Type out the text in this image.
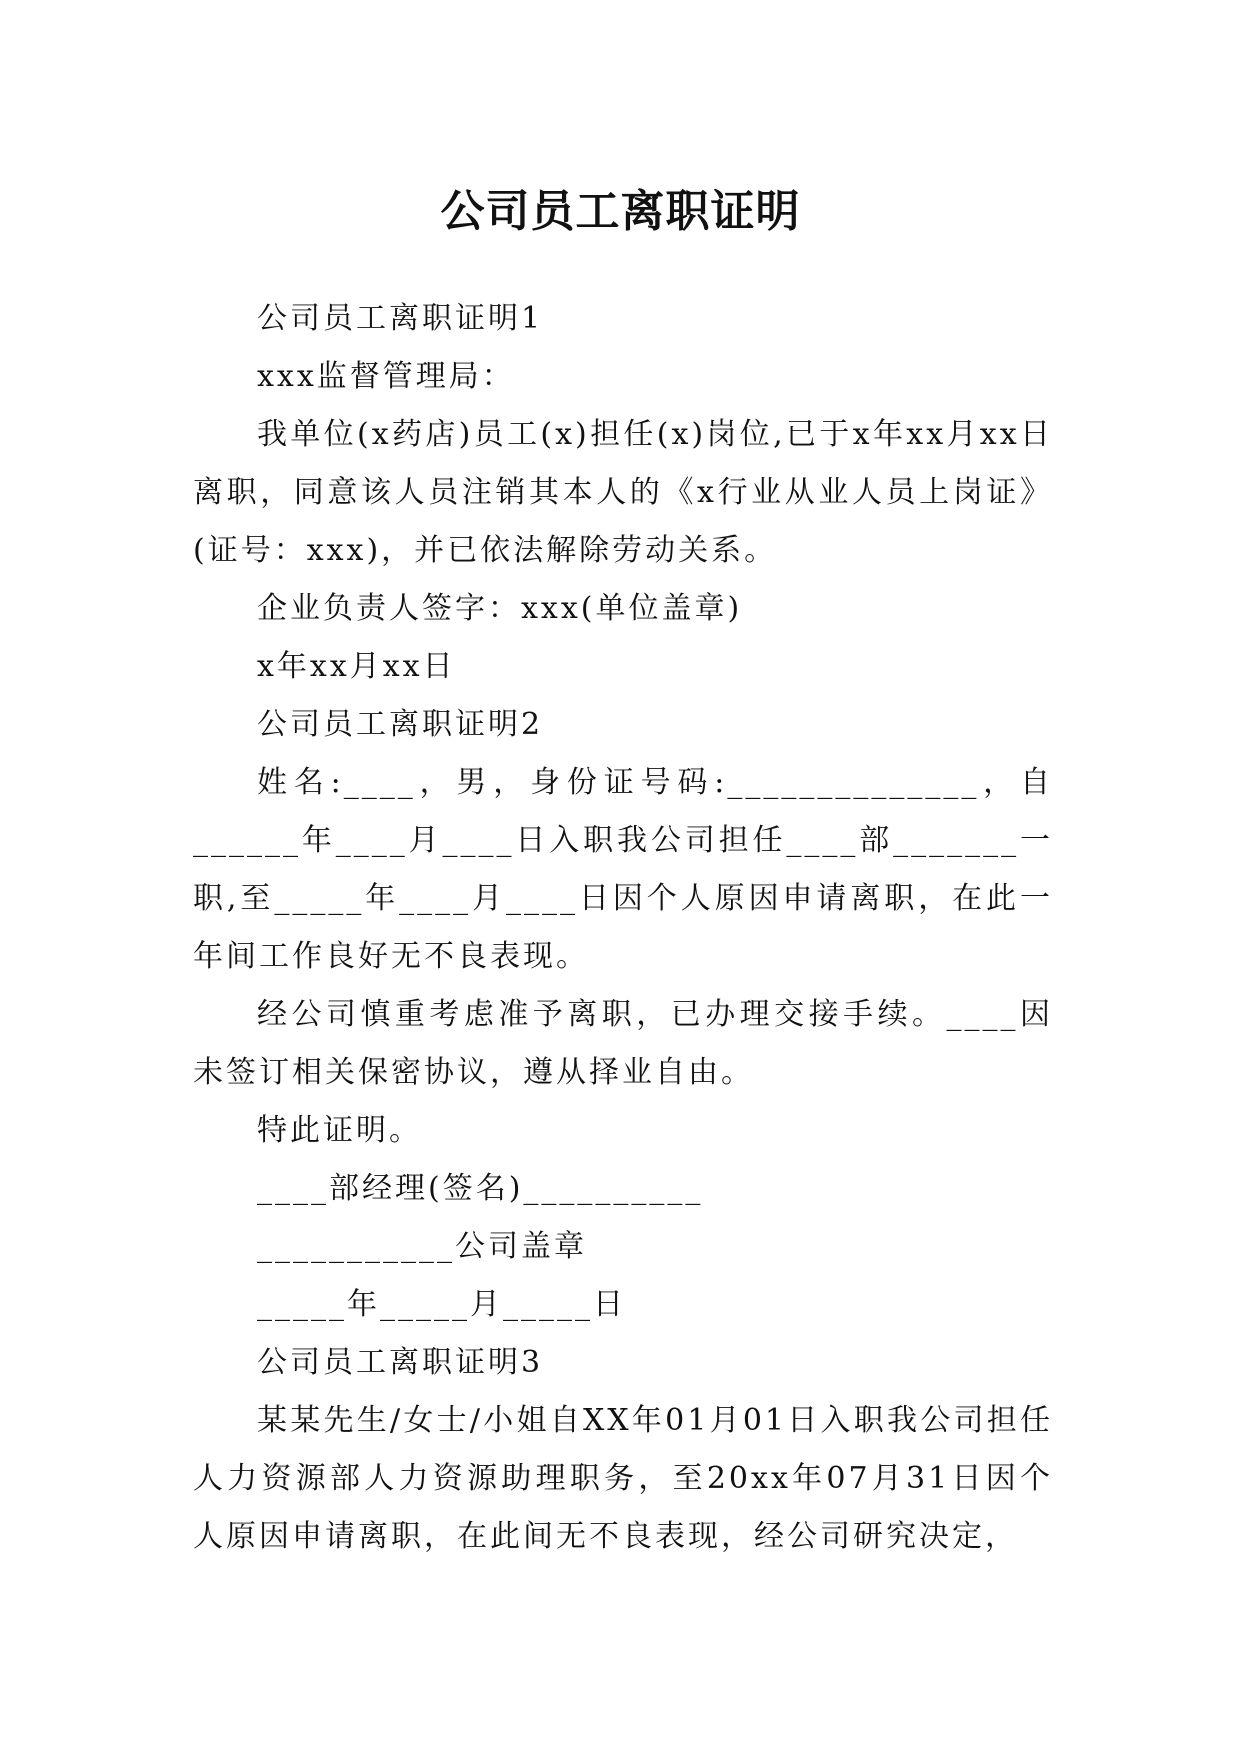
公司员工离职证明

公司员工离职证明1

xxx监督管理局：

我单位(x药店)员工(x)担任(x)岗位,已于x年xx月xx日离职，同意该人员注销其本人的《x行业从业人员上岗证》(证号：xxx)，并已依法解除劳动关系。

企业负责人签字：xxx(单位盖章)

x年xx月xx日

公司员工离职证明2

姓名:____，男，身份证号码:______________，自______年____月____日入职我公司担任____部_______一职,至_____年____月____日因个人原因申请离职，在此一年间工作良好无不良表现。

经公司慎重考虑准予离职，已办理交接手续。____因未签订相关保密协议，遵从择业自由。

特此证明。

____部经理(签名)__________

___________公司盖章

_____年_____月_____日

公司员工离职证明3

某某先生/女士/小姐自XX年01月01日入职我公司担任人力资源部人力资源助理职务，至20xx年07月31日因个人原因申请离职，在此间无不良表现，经公司研究决定，
